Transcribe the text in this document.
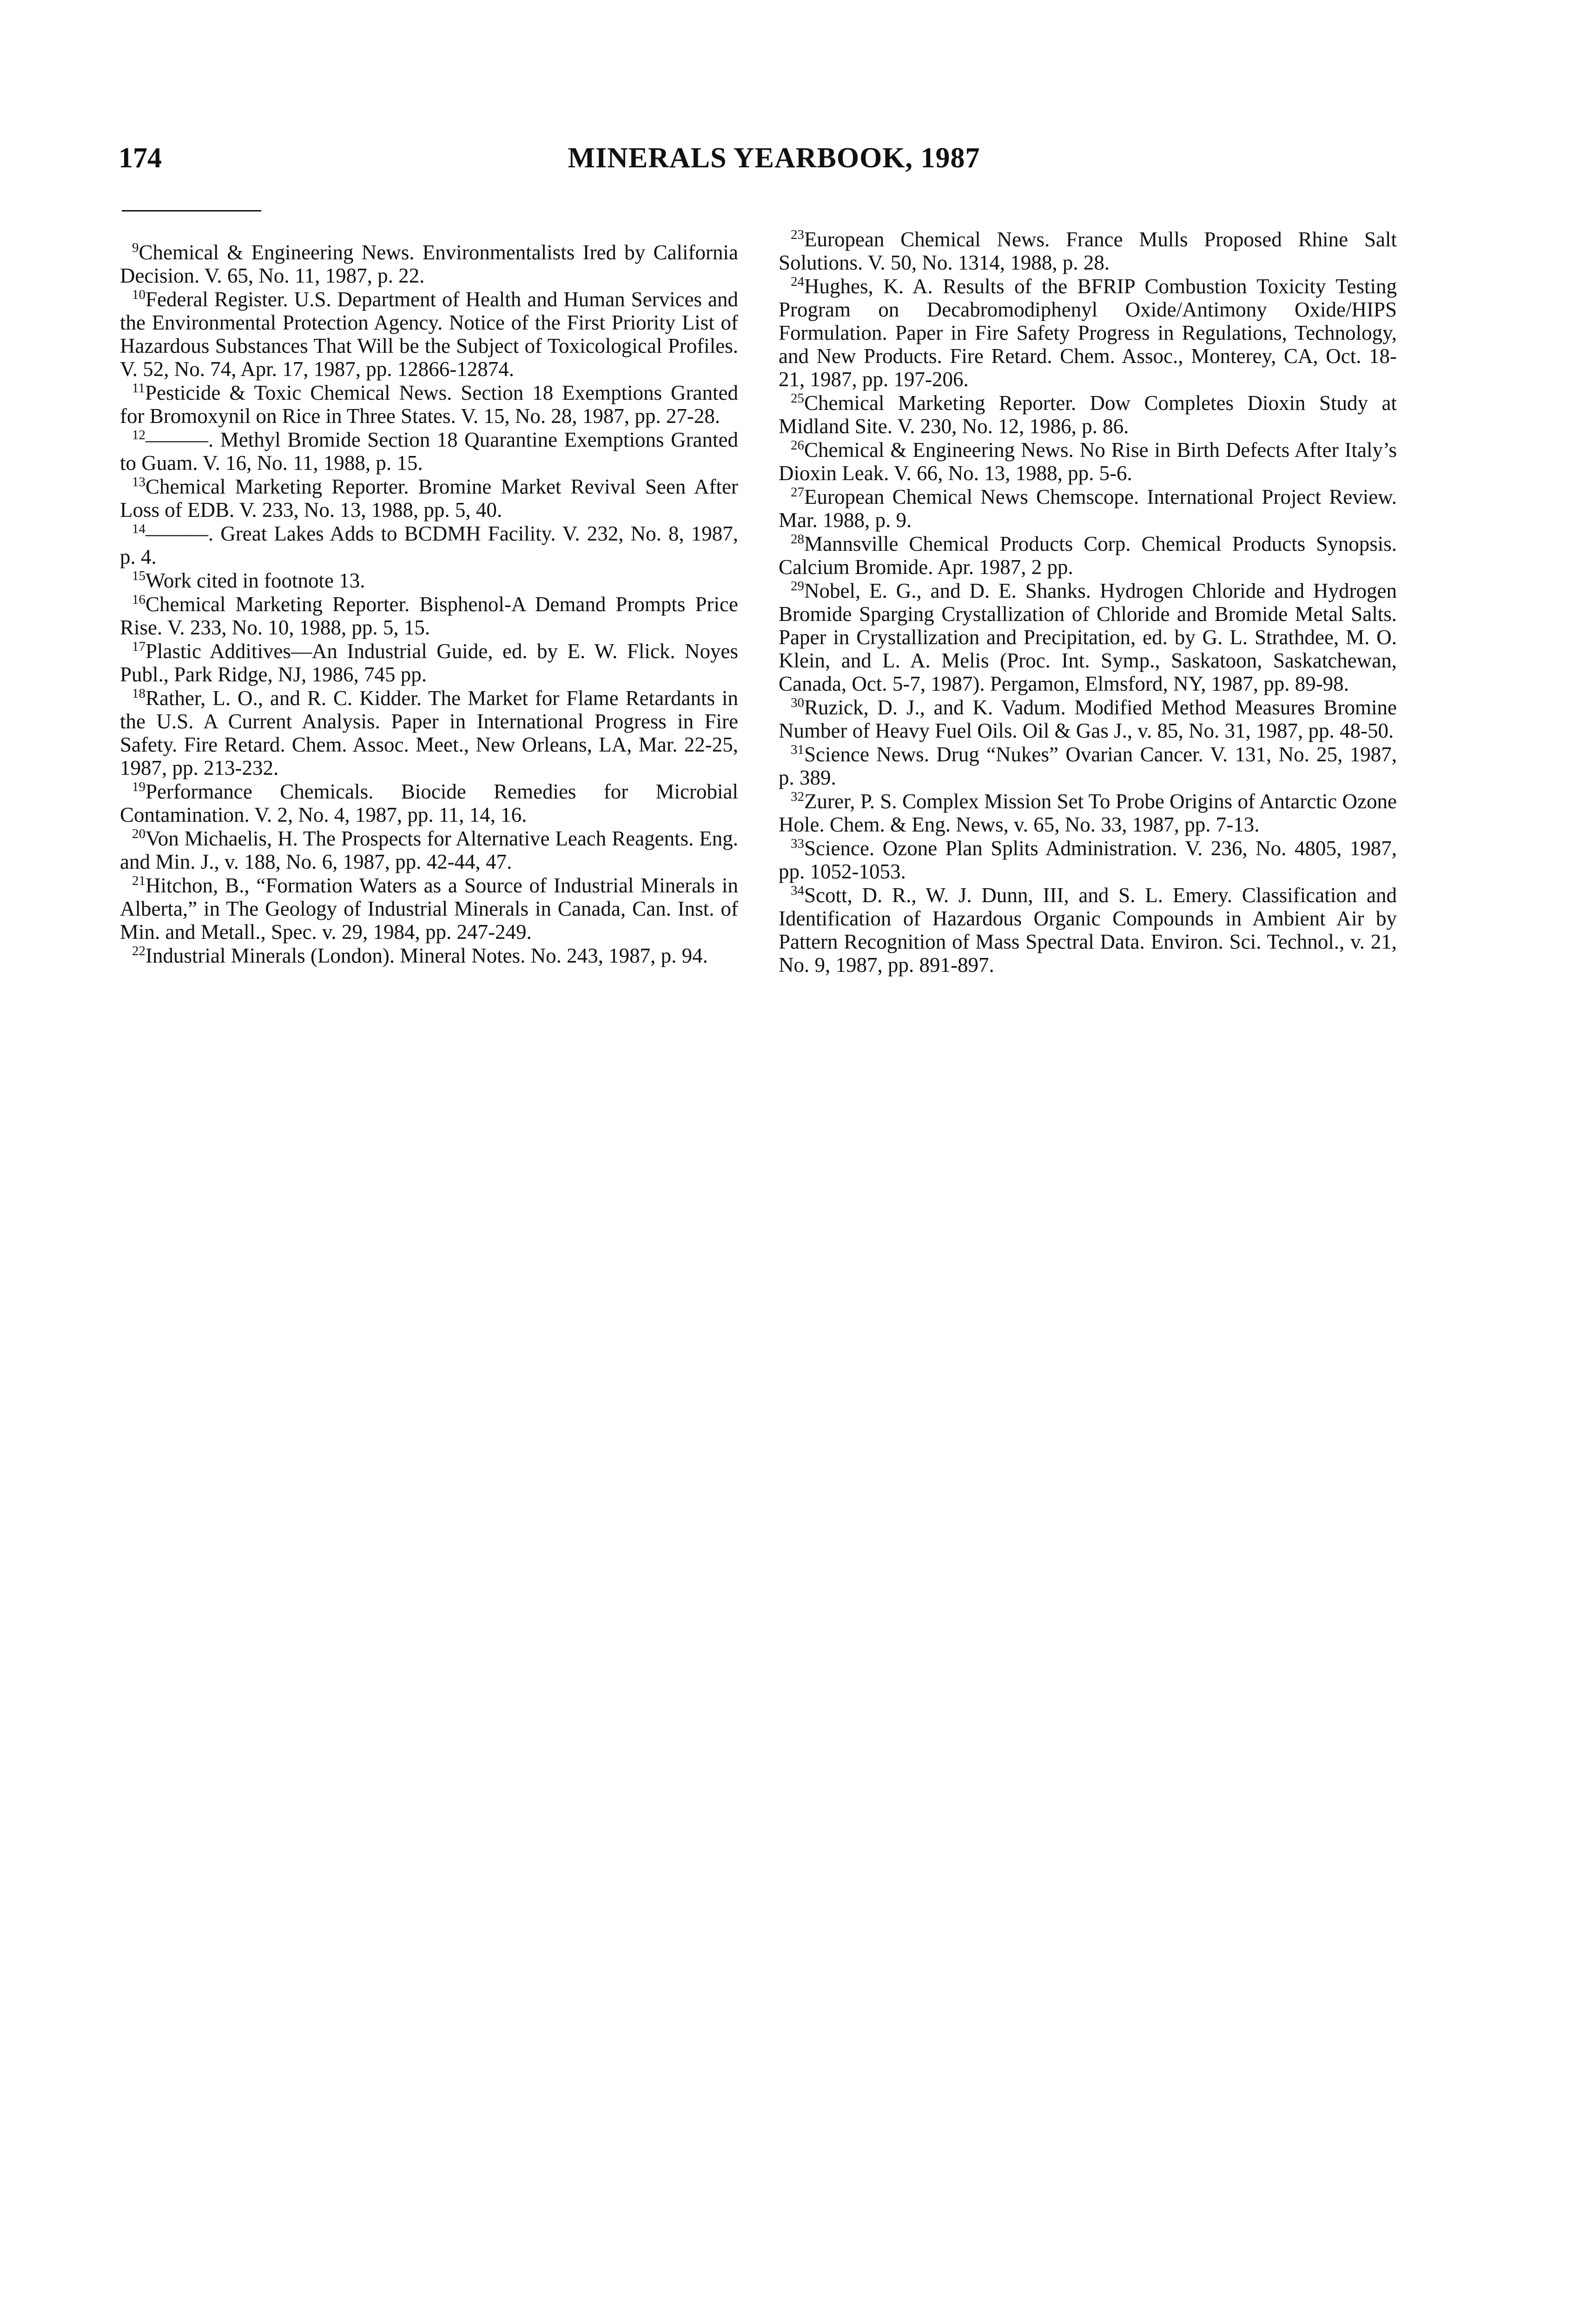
174	MINERALS YEARBOOK, 1987

$^9$Chemical & Engineering News. Environmentalists Ired by California Decision. V. 65, No. 11, 1987, p. 22.

$^{10}$Federal Register. U.S. Department of Health and Human Services and the Environmental Protection Agency. Notice of the First Priority List of Hazardous Substances That Will be the Subject of Toxicological Profiles. V. 52, No. 74, Apr. 17, 1987, pp. 12866-12874.

$^{11}$Pesticide & Toxic Chemical News. Section 18 Exemptions Granted for Bromoxynil on Rice in Three States. V. 15, No. 28, 1987, pp. 27-28.

$^{12}$———. Methyl Bromide Section 18 Quarantine Exemptions Granted to Guam. V. 16, No. 11, 1988, p. 15.

$^{13}$Chemical Marketing Reporter. Bromine Market Revival Seen After Loss of EDB. V. 233, No. 13, 1988, pp. 5, 40.

$^{14}$———. Great Lakes Adds to BCDMH Facility. V. 232, No. 8, 1987, p. 4.

$^{15}$Work cited in footnote 13.

$^{16}$Chemical Marketing Reporter. Bisphenol-A Demand Prompts Price Rise. V. 233, No. 10, 1988, pp. 5, 15.

$^{17}$Plastic Additives—An Industrial Guide, ed. by E. W. Flick. Noyes Publ., Park Ridge, NJ, 1986, 745 pp.

$^{18}$Rather, L. O., and R. C. Kidder. The Market for Flame Retardants in the U.S. A Current Analysis. Paper in International Progress in Fire Safety. Fire Retard. Chem. Assoc. Meet., New Orleans, LA, Mar. 22-25, 1987, pp. 213-232.

$^{19}$Performance Chemicals. Biocide Remedies for Microbial Contamination. V. 2, No. 4, 1987, pp. 11, 14, 16.

$^{20}$Von Michaelis, H. The Prospects for Alternative Leach Reagents. Eng. and Min. J., v. 188, No. 6, 1987, pp. 42-44, 47.

$^{21}$Hitchon, B., “Formation Waters as a Source of Industrial Minerals in Alberta,” in The Geology of Industrial Minerals in Canada, Can. Inst. of Min. and Metall., Spec. v. 29, 1984, pp. 247-249.

$^{22}$Industrial Minerals (London). Mineral Notes. No. 243, 1987, p. 94.

$^{23}$European Chemical News. France Mulls Proposed Rhine Salt Solutions. V. 50, No. 1314, 1988, p. 28.

$^{24}$Hughes, K. A. Results of the BFRIP Combustion Toxicity Testing Program on Decabromodiphenyl Oxide/Antimony Oxide/HIPS Formulation. Paper in Fire Safety Progress in Regulations, Technology, and New Products. Fire Retard. Chem. Assoc., Monterey, CA, Oct. 18-21, 1987, pp. 197-206.

$^{25}$Chemical Marketing Reporter. Dow Completes Dioxin Study at Midland Site. V. 230, No. 12, 1986, p. 86.

$^{26}$Chemical & Engineering News. No Rise in Birth Defects After Italy’s Dioxin Leak. V. 66, No. 13, 1988, pp. 5-6.

$^{27}$European Chemical News Chemscope. International Project Review. Mar. 1988, p. 9.

$^{28}$Mannsville Chemical Products Corp. Chemical Products Synopsis. Calcium Bromide. Apr. 1987, 2 pp.

$^{29}$Nobel, E. G., and D. E. Shanks. Hydrogen Chloride and Hydrogen Bromide Sparging Crystallization of Chloride and Bromide Metal Salts. Paper in Crystallization and Precipitation, ed. by G. L. Strathdee, M. O. Klein, and L. A. Melis (Proc. Int. Symp., Saskatoon, Saskatchewan, Canada, Oct. 5-7, 1987). Pergamon, Elmsford, NY, 1987, pp. 89-98.

$^{30}$Ruzick, D. J., and K. Vadum. Modified Method Measures Bromine Number of Heavy Fuel Oils. Oil & Gas J., v. 85, No. 31, 1987, pp. 48-50.

$^{31}$Science News. Drug “Nukes” Ovarian Cancer. V. 131, No. 25, 1987, p. 389.

$^{32}$Zurer, P. S. Complex Mission Set To Probe Origins of Antarctic Ozone Hole. Chem. & Eng. News, v. 65, No. 33, 1987, pp. 7-13.

$^{33}$Science. Ozone Plan Splits Administration. V. 236, No. 4805, 1987, pp. 1052-1053.

$^{34}$Scott, D. R., W. J. Dunn, III, and S. L. Emery. Classification and Identification of Hazardous Organic Compounds in Ambient Air by Pattern Recognition of Mass Spectral Data. Environ. Sci. Technol., v. 21, No. 9, 1987, pp. 891-897.
